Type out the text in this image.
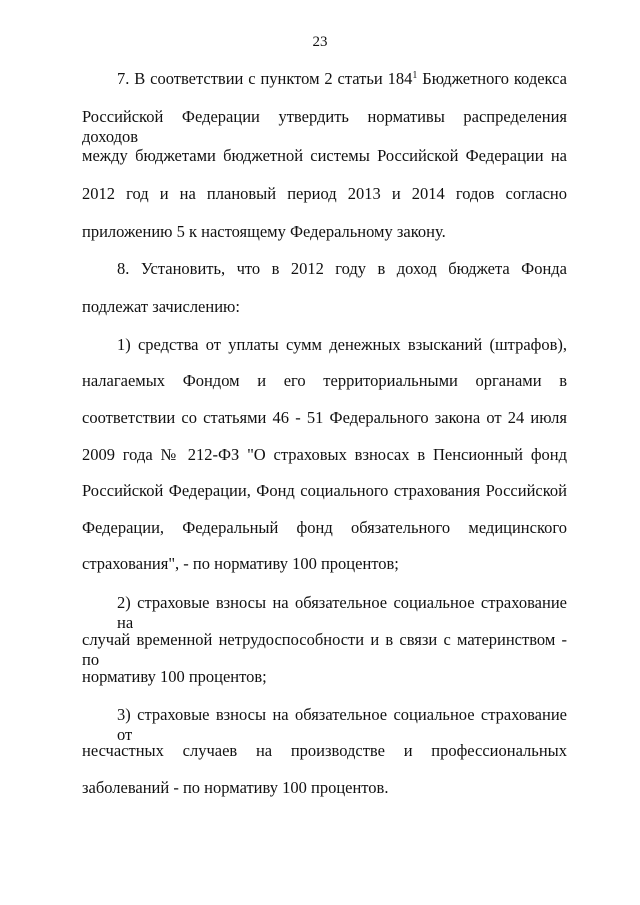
23
7. В соответствии с пунктом 2 статьи $184^1$ Бюджетного кодекса
Российской Федерации утвердить нормативы распределения доходов
между бюджетами бюджетной системы Российской Федерации на
2012 год и на плановый период 2013 и 2014 годов согласно
приложению 5 к настоящему Федеральному закону.
8. Установить, что в 2012 году в доход бюджета Фонда
подлежат зачислению:
1) средства от уплаты сумм денежных взысканий (штрафов),
налагаемых Фондом и его территориальными органами в
соответствии со статьями 46 - 51 Федерального закона от 24 июля
2009 года № 212-ФЗ "О страховых взносах в Пенсионный фонд
Российской Федерации, Фонд социального страхования Российской
Федерации, Федеральный фонд обязательного медицинского
страхования", - по нормативу 100 процентов;
2) страховые взносы на обязательное социальное страхование на
случай временной нетрудоспособности и в связи с материнством - по
нормативу 100 процентов;
3) страховые взносы на обязательное социальное страхование от
несчастных случаев на производстве и профессиональных
заболеваний - по нормативу 100 процентов.
